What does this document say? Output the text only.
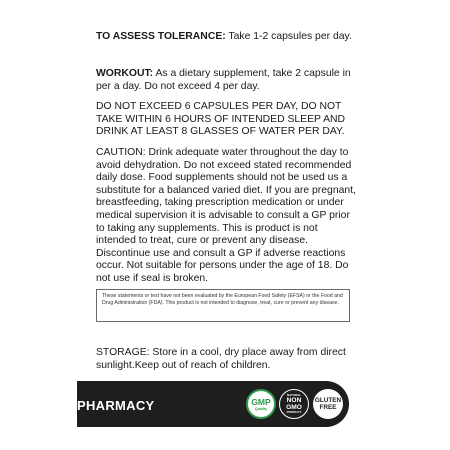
TO ASSESS TOLERANCE: Take 1-2 capsules per day.
WORKOUT: As a dietary supplement, take 2 capsule in per a day. Do not exceed 4 per day.
DO NOT EXCEED 6 CAPSULES PER DAY, DO NOT TAKE WITHIN 6 HOURS OF INTENDED SLEEP AND DRINK AT LEAST 8 GLASSES OF WATER PER DAY.
CAUTION: Drink adequate water throughout the day to avoid dehydration. Do not exceed stated recommended daily dose. Food supplements should not be used us a substitute for a balanced varied diet. If you are pregnant, breastfeeding, taking prescription medication or under medical supervision it is advisable to consult a GP prior to taking any supplements. This is product is not intended to treat, cure or prevent any disease. Discontinue use and consult a GP if adverse reactions occur. Not suitable for persons under the age of 18. Do not use if seal is broken.
These statements or text have not been evaluated by the European Food Safety (EFSA) or the Food and Drug Administration (FDA). This product is not intended to diagnose, treat, cure or prevent any disease.
STORAGE: Store in a cool, dry place away from direct sunlight.Keep out of reach of children.
PHARMACY	GMP
Quality
NATURAL
NON GMO
PRODUCT
GLUTEN FREE
